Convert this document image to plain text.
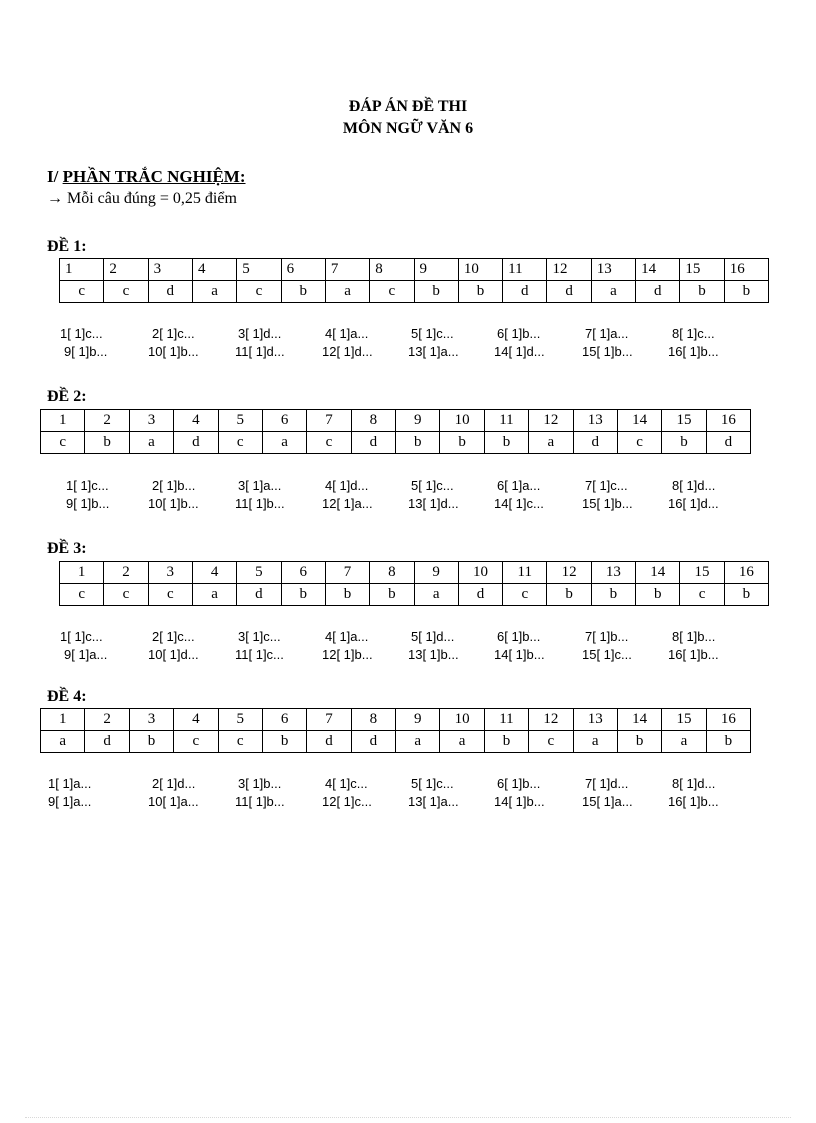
ĐÁP ÁN ĐỀ THI
MÔN NGỮ VĂN 6
I/ PHẦN TRẮC NGHIỆM:
→ Mỗi câu đúng = 0,25 điểm
ĐỀ 1:
1	2	3	4	5	6	7	8	9	10	11	12	13	14	15	16
c	c	d	a	c	b	a	c	b	b	d	d	a	d	b	b
1[ 1]c...	2[ 1]c...	3[ 1]d...	4[ 1]a...	5[ 1]c...	6[ 1]b...	7[ 1]a...	8[ 1]c...
9[ 1]b...	10[ 1]b...	11[ 1]d...	12[ 1]d...	13[ 1]a...	14[ 1]d...	15[ 1]b...	16[ 1]b...
ĐỀ 2:
1	2	3	4	5	6	7	8	9	10	11	12	13	14	15	16
c	b	a	d	c	a	c	d	b	b	b	a	d	c	b	d
1[ 1]c...	2[ 1]b...	3[ 1]a...	4[ 1]d...	5[ 1]c...	6[ 1]a...	7[ 1]c...	8[ 1]d...
9[ 1]b...	10[ 1]b...	11[ 1]b...	12[ 1]a...	13[ 1]d...	14[ 1]c...	15[ 1]b...	16[ 1]d...
ĐỀ 3:
1	2	3	4	5	6	7	8	9	10	11	12	13	14	15	16
c	c	c	a	d	b	b	b	a	d	c	b	b	b	c	b
1[ 1]c...	2[ 1]c...	3[ 1]c...	4[ 1]a...	5[ 1]d...	6[ 1]b...	7[ 1]b...	8[ 1]b...
9[ 1]a...	10[ 1]d...	11[ 1]c...	12[ 1]b...	13[ 1]b...	14[ 1]b...	15[ 1]c...	16[ 1]b...
ĐỀ 4:
1	2	3	4	5	6	7	8	9	10	11	12	13	14	15	16
a	d	b	c	c	b	d	d	a	a	b	c	a	b	a	b
1[ 1]a...	2[ 1]d...	3[ 1]b...	4[ 1]c...	5[ 1]c...	6[ 1]b...	7[ 1]d...	8[ 1]d...
9[ 1]a...	10[ 1]a...	11[ 1]b...	12[ 1]c...	13[ 1]a...	14[ 1]b...	15[ 1]a...	16[ 1]b...
